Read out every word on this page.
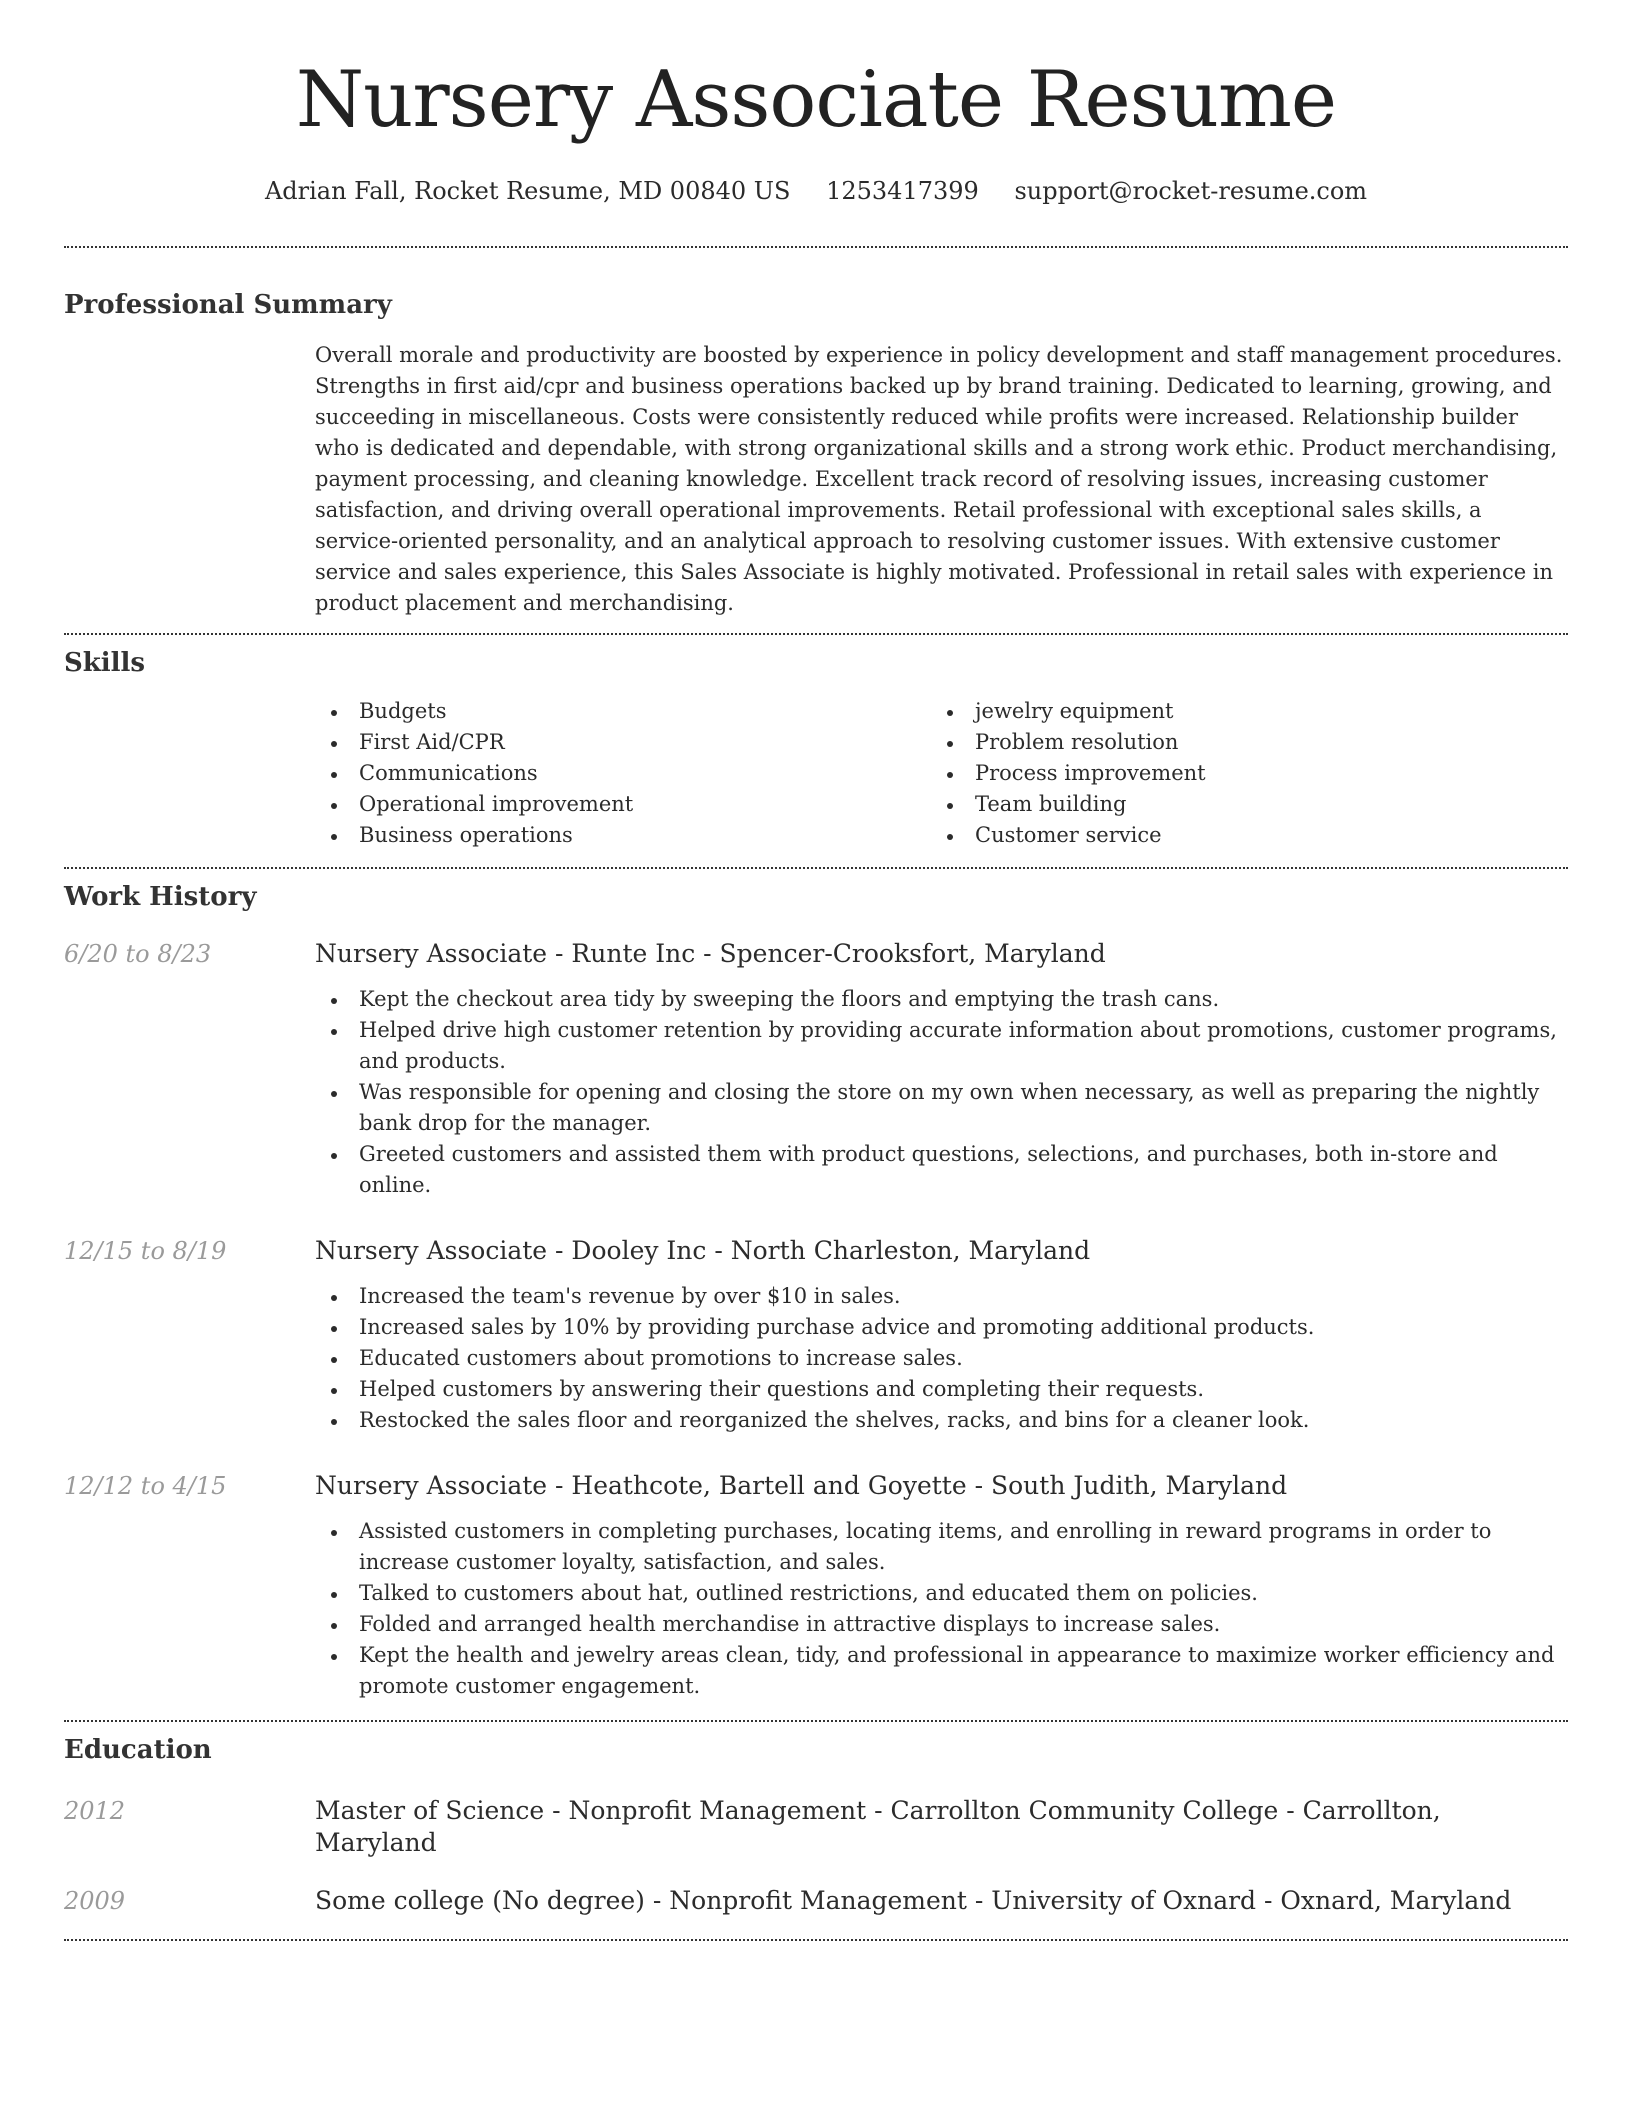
Nursery Associate Resume
Adrian Fall, Rocket Resume, MD 00840 US 1253417399 support@rocket-resume.com
Professional Summary

Overall morale and productivity are boosted by experience in policy development and staff management procedures. Strengths in first aid/cpr and business operations backed up by brand training. Dedicated to learning, growing, and succeeding in miscellaneous. Costs were consistently reduced while profits were increased. Relationship builder who is dedicated and dependable, with strong organizational skills and a strong work ethic. Product merchandising, payment processing, and cleaning knowledge. Excellent track record of resolving issues, increasing customer satisfaction, and driving overall operational improvements. Retail professional with exceptional sales skills, a service-oriented personality, and an analytical approach to resolving customer issues. With extensive customer service and sales experience, this Sales Associate is highly motivated. Professional in retail sales with experience in product placement and merchandising.

Skills
Budgets
First Aid/CPR
Communications
Operational improvement
Business operations
jewelry equipment
Problem resolution
Process improvement
Team building
Customer service
Work History
6/20 to 8/23	Nursery Associate - Runte Inc - Spencer-Crooksfort, Maryland
Kept the checkout area tidy by sweeping the floors and emptying the trash cans.
Helped drive high customer retention by providing accurate information about promotions, customer programs, and products.
Was responsible for opening and closing the store on my own when necessary, as well as preparing the nightly bank drop for the manager.
Greeted customers and assisted them with product questions, selections, and purchases, both in-store and online.
12/15 to 8/19	Nursery Associate - Dooley Inc - North Charleston, Maryland
Increased the team's revenue by over $10 in sales.
Increased sales by 10% by providing purchase advice and promoting additional products.
Educated customers about promotions to increase sales.
Helped customers by answering their questions and completing their requests.
Restocked the sales floor and reorganized the shelves, racks, and bins for a cleaner look.
12/12 to 4/15	Nursery Associate - Heathcote, Bartell and Goyette - South Judith, Maryland
Assisted customers in completing purchases, locating items, and enrolling in reward programs in order to increase customer loyalty, satisfaction, and sales.
Talked to customers about hat, outlined restrictions, and educated them on policies.
Folded and arranged health merchandise in attractive displays to increase sales.
Kept the health and jewelry areas clean, tidy, and professional in appearance to maximize worker efficiency and promote customer engagement.
Education
2012	Master of Science - Nonprofit Management - Carrollton Community College - Carrollton, Maryland
2009	Some college (No degree) - Nonprofit Management - University of Oxnard - Oxnard, Maryland
